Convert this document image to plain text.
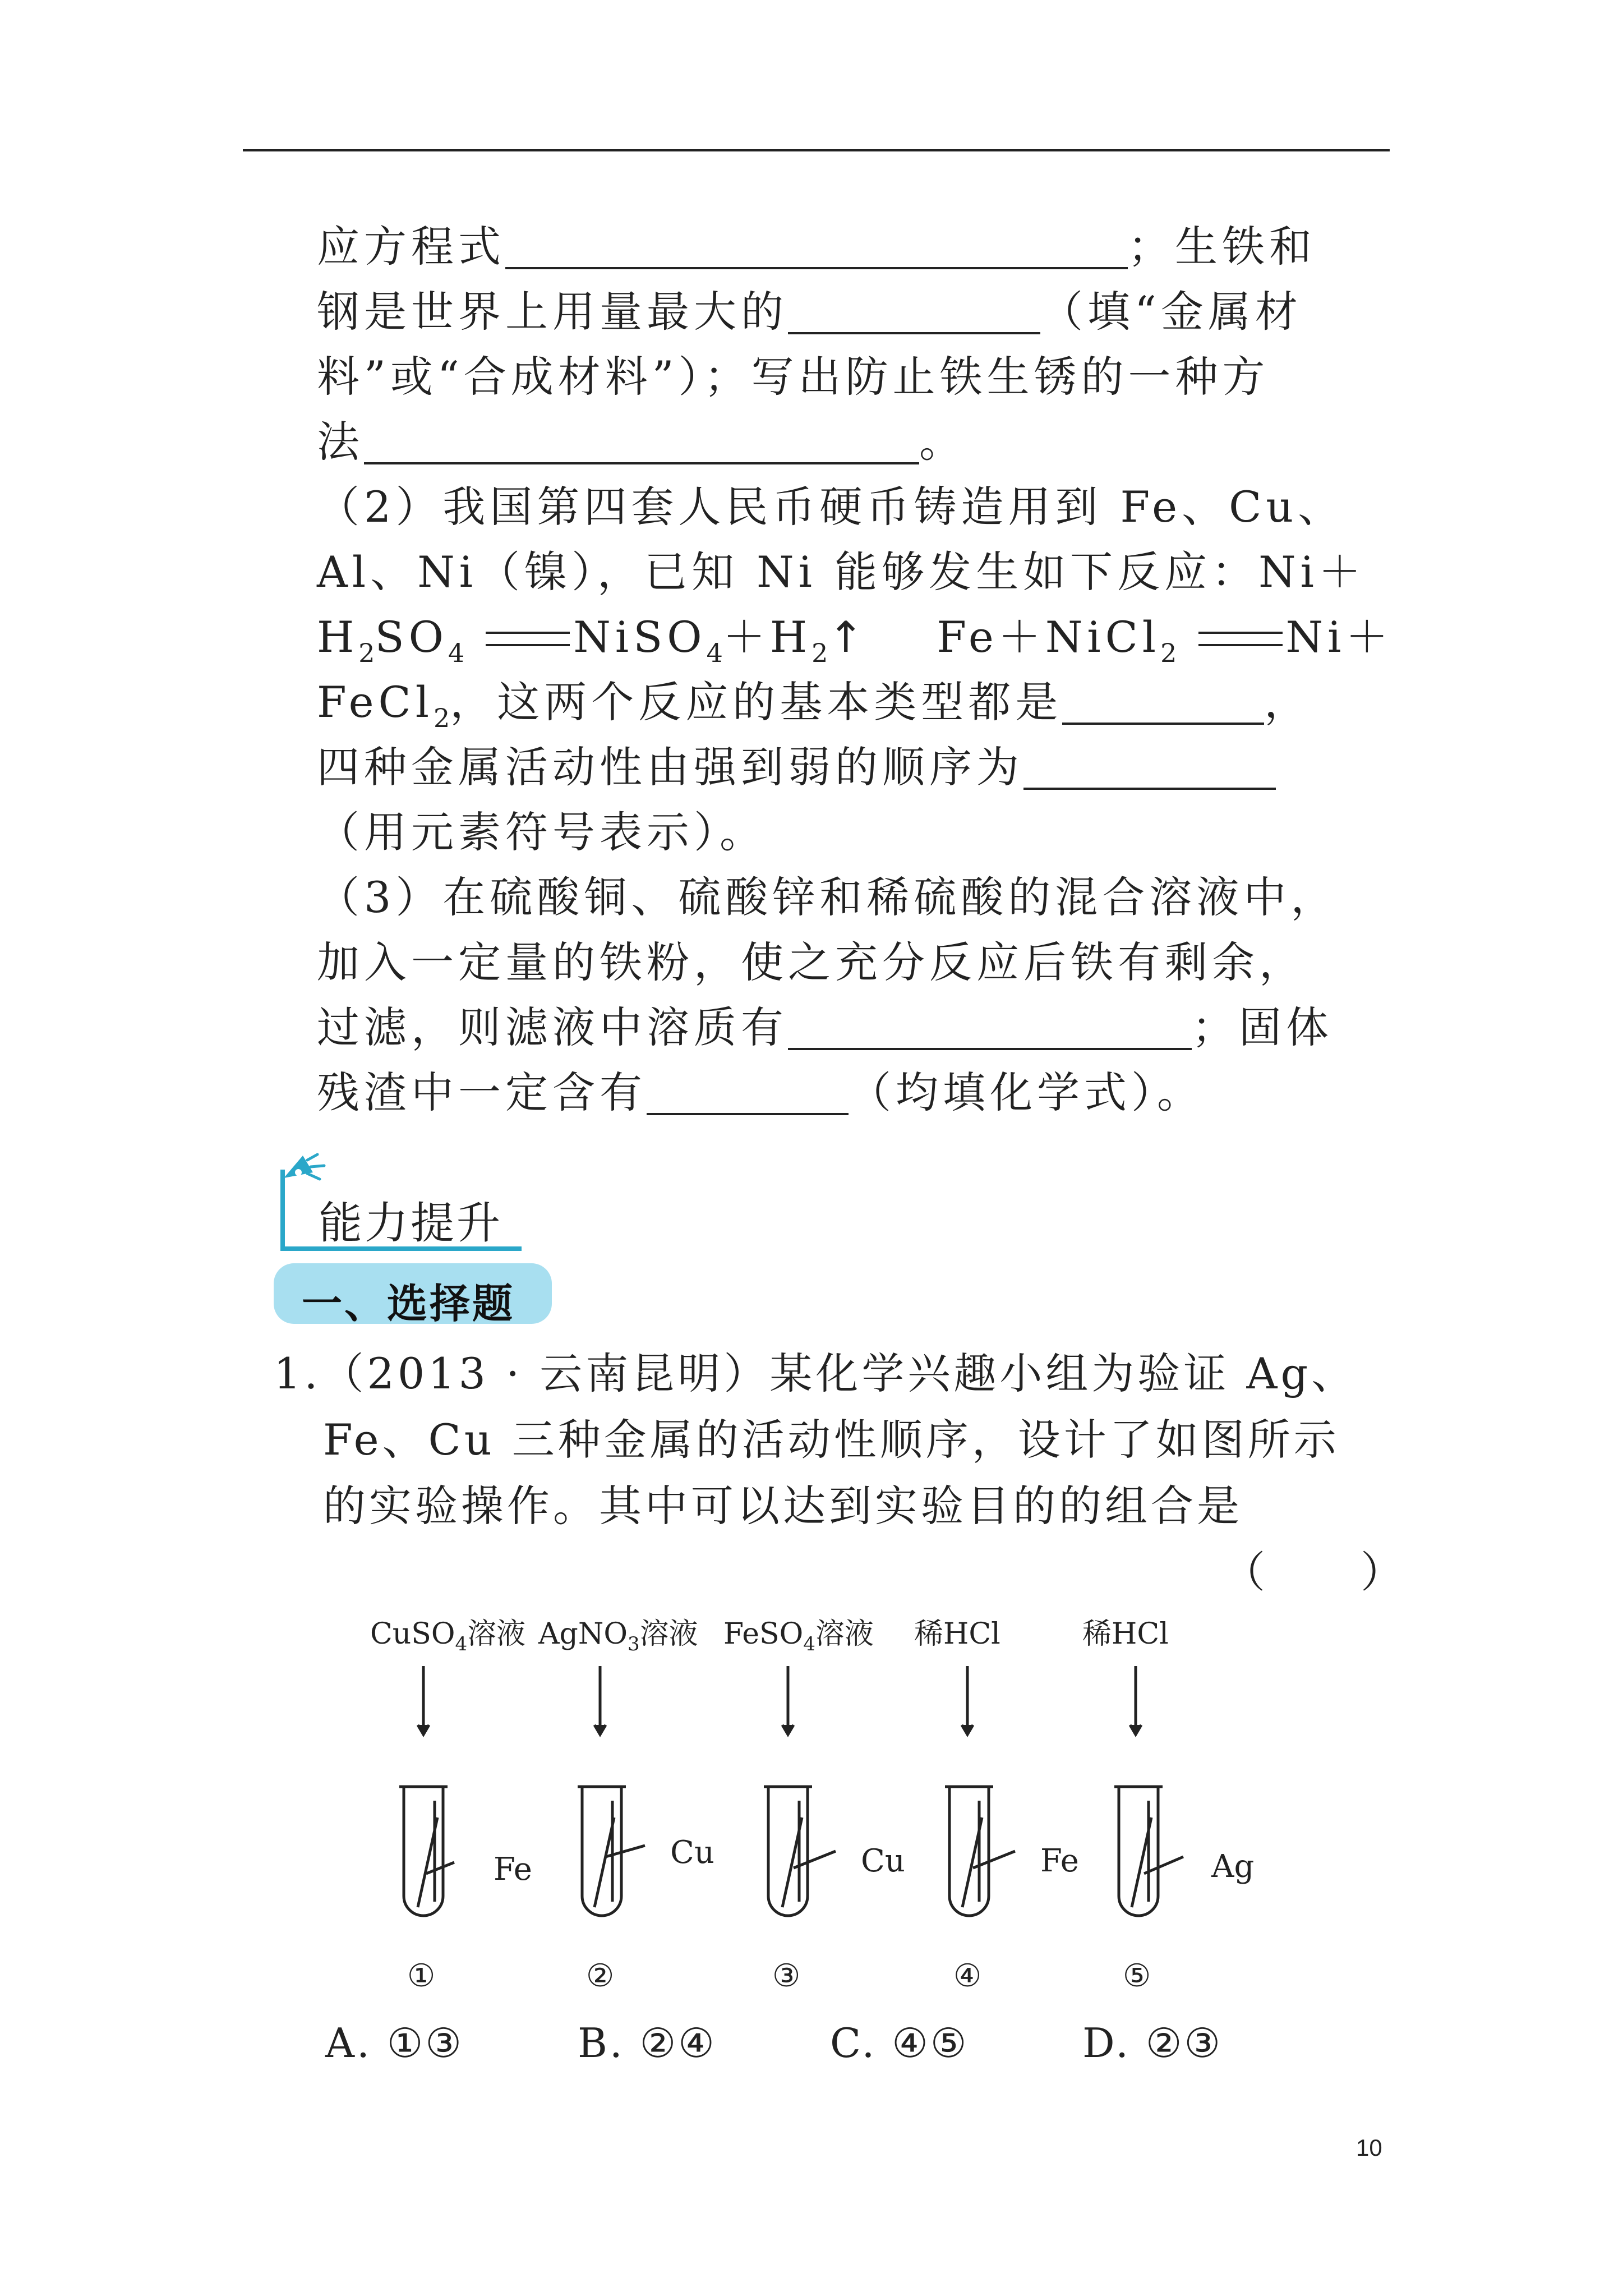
应方程式	；生铁和
钢是世界上用量最大的	（填“金属材
料”或“合成材料”）；写出防止铁生锈的一种方
法	。
（2）我国第四套人民币硬币铸造用到 Fe、Cu、
Al、Ni（镍），已知 Ni 能够发生如下反应：Ni＋
$H_2SO_4$	$NiSO_4+H_2↑$ Fe＋NiCl$_2$	Ni＋
FeCl$_2$，这两个反应的基本类型都是	，
四种金属活动性由强到弱的顺序为
（用元素符号表示）。
（3）在硫酸铜、硫酸锌和稀硫酸的混合溶液中，
加入一定量的铁粉，使之充分反应后铁有剩余，
过滤，则滤液中溶质有	；固体
残渣中一定含有	（均填化学式）。
能力提升
一、选择题
1.（2013 · 云南昆明）某化学兴趣小组为验证 Ag、
Fe、Cu 三种金属的活动性顺序，设计了如图所示
的实验操作。其中可以达到实验目的的组合是
（　　）
CuSO$_4$溶液 AgNO$_3$溶液 FeSO$_4$溶液 稀HCl	稀HCl
Fe	Cu	Cu	Fe	Ag
①	②	③	④	⑤
A. ①③	B. ②④	C. ④⑤	D. ②③
10
